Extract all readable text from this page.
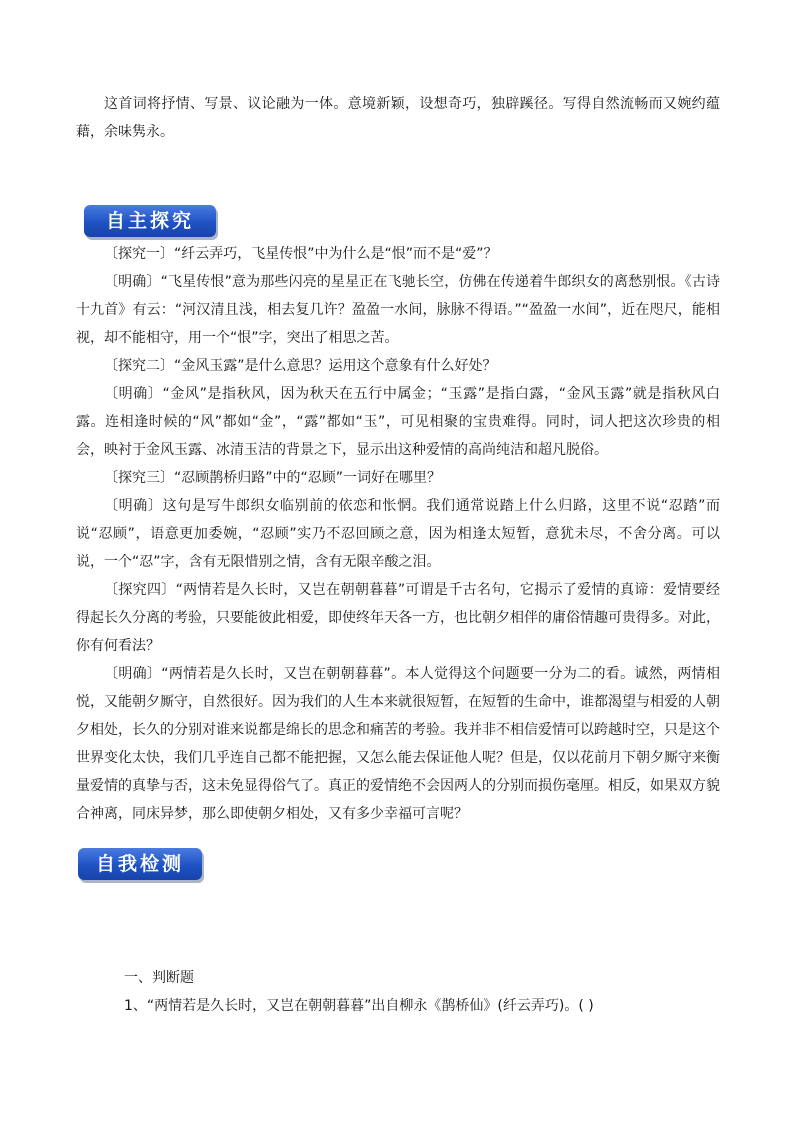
这首词将抒情、写景、议论融为一体。意境新颖，设想奇巧，独辟蹊径。写得自然流畅而又婉约蕴藉，余味隽永。

自主探究

〔探究一〕“纤云弄巧，飞星传恨”中为什么是“恨”而不是“爱”？

〔明确〕“飞星传恨”意为那些闪亮的星星正在飞驰长空，仿佛在传递着牛郎织女的离愁别恨。《古诗十九首》有云：“河汉清且浅，相去复几许？盈盈一水间，脉脉不得语。”“盈盈一水间”，近在咫尺，能相视，却不能相守，用一个“恨”字，突出了相思之苦。

〔探究二〕“金风玉露”是什么意思？运用这个意象有什么好处？

〔明确〕“金风”是指秋风，因为秋天在五行中属金；“玉露”是指白露，“金风玉露”就是指秋风白露。连相逢时候的“风”都如“金”，“露”都如“玉”，可见相聚的宝贵难得。同时，词人把这次珍贵的相会，映衬于金风玉露、冰清玉洁的背景之下，显示出这种爱情的高尚纯洁和超凡脱俗。

〔探究三〕“忍顾鹊桥归路”中的“忍顾”一词好在哪里？

〔明确〕这句是写牛郎织女临别前的依恋和怅惘。我们通常说踏上什么归路，这里不说“忍踏”而说“忍顾”，语意更加委婉，“忍顾”实乃不忍回顾之意，因为相逢太短暂，意犹未尽，不舍分离。可以说，一个“忍”字，含有无限惜别之情，含有无限辛酸之泪。

〔探究四〕“两情若是久长时，又岂在朝朝暮暮”可谓是千古名句，它揭示了爱情的真谛：爱情要经得起长久分离的考验，只要能彼此相爱，即使终年天各一方，也比朝夕相伴的庸俗情趣可贵得多。对此，你有何看法？

〔明确〕“两情若是久长时，又岂在朝朝暮暮”。本人觉得这个问题要一分为二的看。诚然，两情相悦，又能朝夕厮守，自然很好。因为我们的人生本来就很短暂，在短暂的生命中，谁都渴望与相爱的人朝夕相处，长久的分别对谁来说都是绵长的思念和痛苦的考验。我并非不相信爱情可以跨越时空，只是这个世界变化太快，我们几乎连自己都不能把握，又怎么能去保证他人呢？但是，仅以花前月下朝夕厮守来衡量爱情的真挚与否，这未免显得俗气了。真正的爱情绝不会因两人的分别而损伤毫厘。相反，如果双方貌合神离，同床异梦，那么即使朝夕相处，又有多少幸福可言呢？

自我检测
一、判断题
1、“两情若是久长时，又岂在朝朝暮暮”出自柳永《鹊桥仙》(纤云弄巧)。( )
